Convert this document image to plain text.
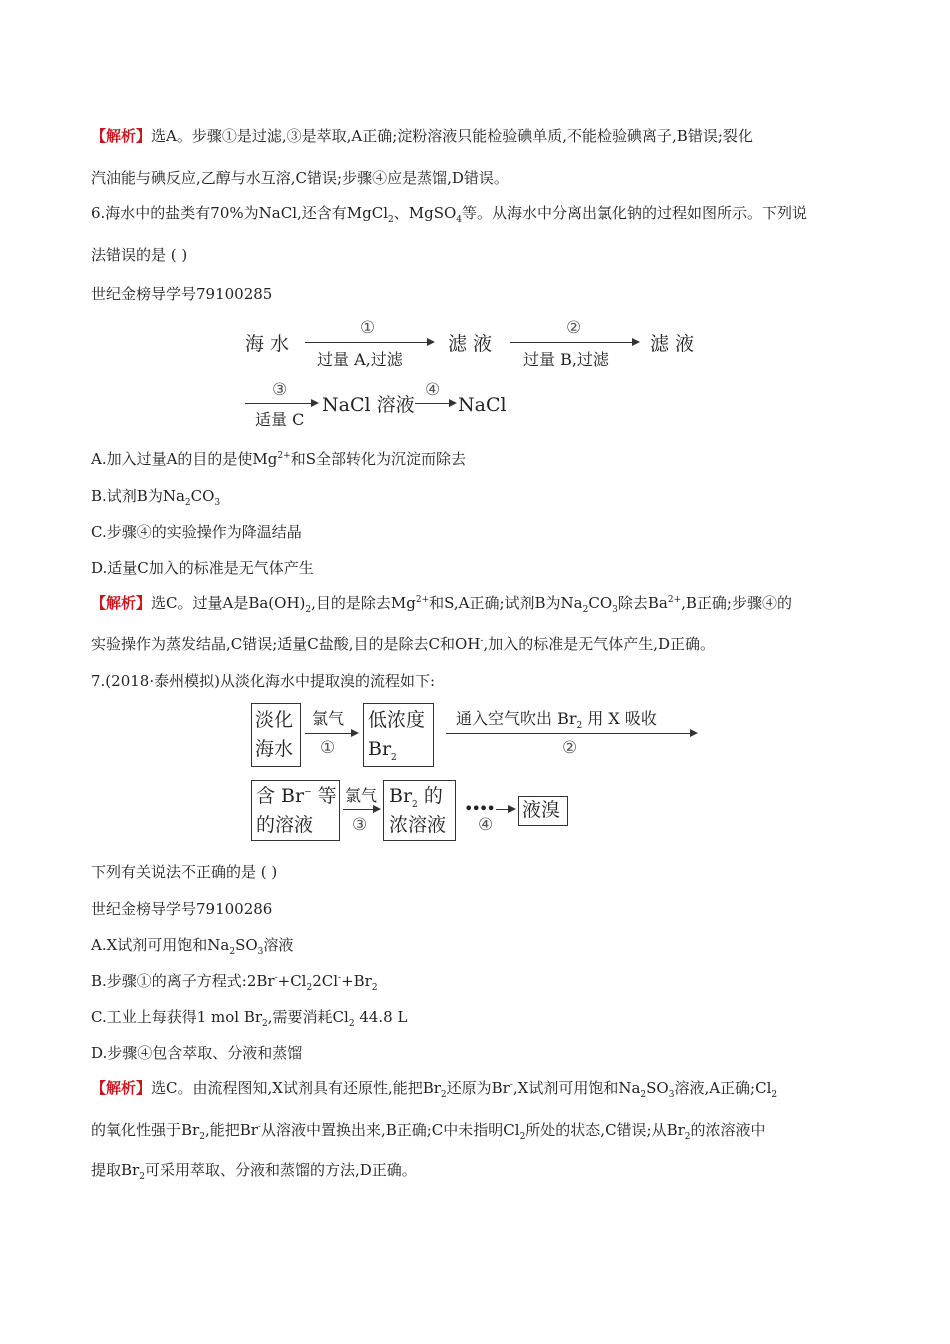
【解析】选A。步骤①是过滤,③是萃取,A正确;淀粉溶液只能检验碘单质,不能检验碘离子,B错误;裂化
汽油能与碘反应,乙醇与水互溶,C错误;步骤④应是蒸馏,D错误。
6.海水中的盐类有70%为NaCl,还含有MgCl$_2$、MgSO$_4$等。从海水中分离出氯化钠的过程如图所示。下列说
法错误的是 ( )
世纪金榜导学号79100285
海 水
①
过量 A,过滤
滤 液
②
过量 B,过滤
滤 液
③
适量 C
NaCl 溶液
④
NaCl
A.加入过量A的目的是使$Mg^{2+}$和S全部转化为沉淀而除去
B.试剂B为$Na_2CO_3$
C.步骤④的实验操作为降温结晶
D.适量C加入的标准是无气体产生
【解析】选C。过量A是$Ba(OH)_2$,目的是除去$Mg^{2+}$和S,A正确;试剂B为$Na_2CO_3$除去$Ba^{2+},B$正确;步骤④的
实验操作为蒸发结晶,C错误;适量C盐酸,目的是除去C和OH-,加入的标准是无气体产生,D正确。
7.(2018·泰州模拟)从淡化海水中提取溴的流程如下:
淡化
海水
氯气
①
低浓度
$Br_2$
通入空气吹出 $Br_2$ 用 X 吸收
②
含 Br− 等
的溶液
氯气
③
$Br_2$ 的
浓溶液
••••
④
液溴
下列有关说法不正确的是 ( )
世纪金榜导学号79100286
A.X试剂可用饱和$Na_2SO_3$溶液
B.步骤①的离子方程式$:2Br^-+Cl_22Cl^-+Br_2$
C.工业上每获得1 mol $Br_2$,需要消耗$Cl_2$ 44.8 L
D.步骤④包含萃取、分液和蒸馏
【解析】选C。由流程图知,X试剂具有还原性,能把$Br_2$还原为Br-,X试剂可用饱和$Na_2SO_3$溶液,A正确$;Cl_2$
的氧化性强于$Br_2$,能把Br-从溶液中置换出来,B正确;C中未指明$Cl_2$所处的状态,C错误;从$Br_2$的浓溶液中
提取$Br_2$可采用萃取、分液和蒸馏的方法,D正确。
